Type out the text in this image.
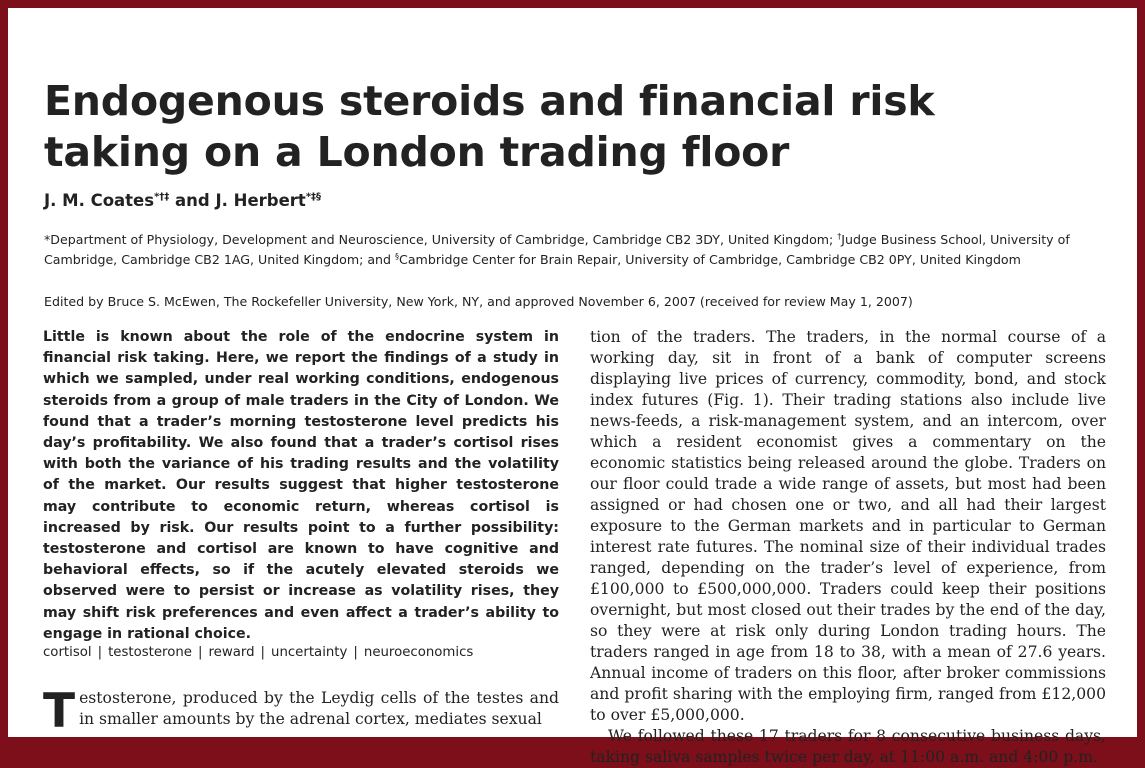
Endogenous steroids and financial risk taking on a London trading floor
J. M. Coates*†‡ and J. Herbert*‡§
*Department of Physiology, Development and Neuroscience, University of Cambridge, Cambridge CB2 3DY, United Kingdom; †Judge Business School, University of Cambridge, Cambridge CB2 1AG, United Kingdom; and §Cambridge Center for Brain Repair, University of Cambridge, Cambridge CB2 0PY, United Kingdom
Edited by Bruce S. McEwen, The Rockefeller University, New York, NY, and approved November 6, 2007 (received for review May 1, 2007)

Little is known about the role of the endocrine system in financial risk taking. Here, we report the findings of a study in which we sampled, under real working conditions, endogenous steroids from a group of male traders in the City of London. We found that a trader’s morning testosterone level predicts his day’s profitability. We also found that a trader’s cortisol rises with both the variance of his trading results and the volatility of the market. Our results suggest that higher testosterone may contribute to economic return, whereas cortisol is increased by risk. Our results point to a further possibility: testosterone and cortisol are known to have cognitive and behavioral effects, so if the acutely elevated steroids we observed were to persist or increase as volatility rises, they may shift risk preferences and even affect a trader’s ability to engage in rational choice.

cortisol | testosterone | reward | uncertainty | neuroeconomics

Testosterone, produced by the Leydig cells of the testes and in smaller amounts by the adrenal cortex, mediates sexual

tion of the traders. The traders, in the normal course of a working day, sit in front of a bank of computer screens displaying live prices of currency, commodity, bond, and stock index futures (Fig. 1). Their trading stations also include live news-feeds, a risk-management system, and an intercom, over which a resident economist gives a commentary on the economic statistics being released around the globe. Traders on our floor could trade a wide range of assets, but most had been assigned or had chosen one or two, and all had their largest exposure to the German markets and in particular to German interest rate futures. The nominal size of their individual trades ranged, depending on the trader’s level of experience, from £100,000 to £500,000,000. Traders could keep their positions overnight, but most closed out their trades by the end of the day, so they were at risk only during London trading hours. The traders ranged in age from 18 to 38, with a mean of 27.6 years. Annual income of traders on this floor, after broker commissions and profit sharing with the employing firm, ranged from £12,000 to over £5,000,000.

We followed these 17 traders for 8 consecutive business days, taking saliva samples twice per day, at 11:00 a.m. and 4:00 p.m.
